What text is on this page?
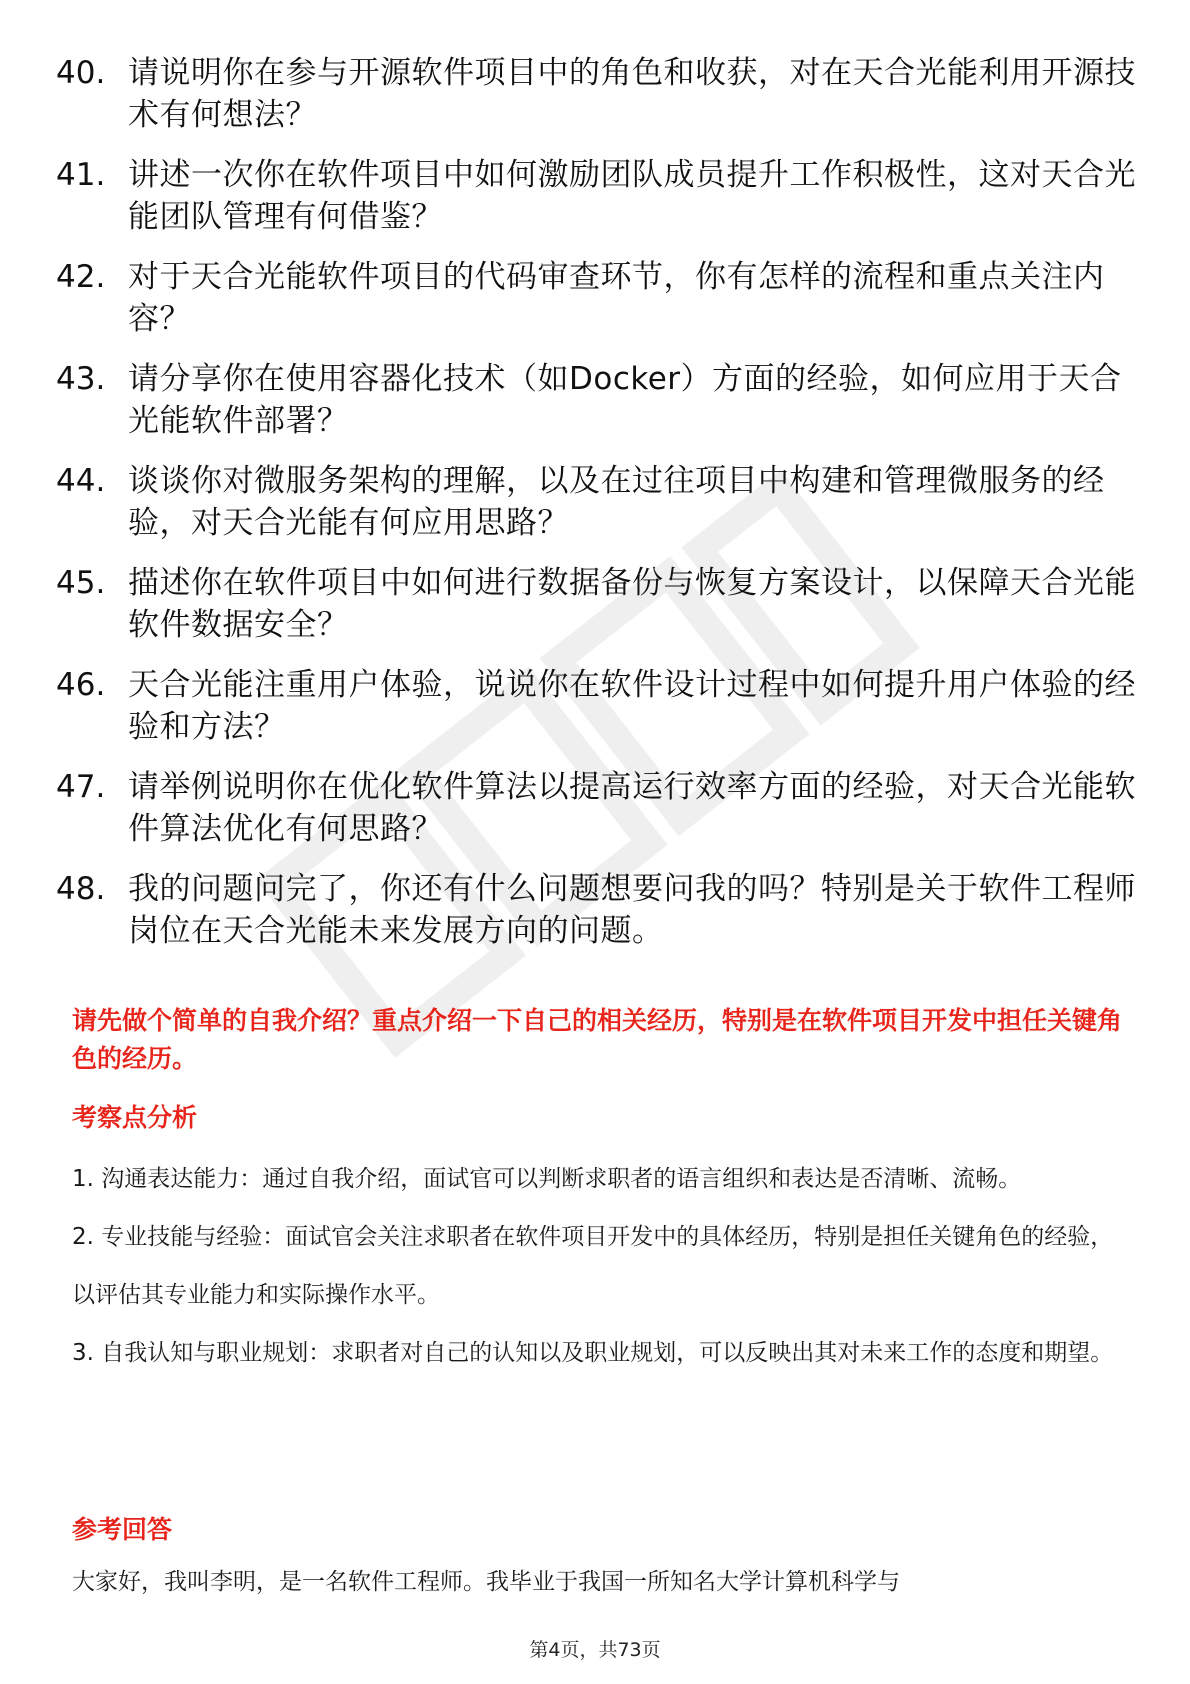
40. 请说明你在参与开源软件项目中的角色和收获，对在天合光能利用开源技术有何想法？
41. 讲述一次你在软件项目中如何激励团队成员提升工作积极性，这对天合光能团队管理有何借鉴？
42. 对于天合光能软件项目的代码审查环节，你有怎样的流程和重点关注内容？
43. 请分享你在使用容器化技术（如Docker）方面的经验，如何应用于天合光能软件部署？
44. 谈谈你对微服务架构的理解，以及在过往项目中构建和管理微服务的经验，对天合光能有何应用思路？
45. 描述你在软件项目中如何进行数据备份与恢复方案设计，以保障天合光能软件数据安全？
46. 天合光能注重用户体验，说说你在软件设计过程中如何提升用户体验的经验和方法？
47. 请举例说明你在优化软件算法以提高运行效率方面的经验，对天合光能软件算法优化有何思路？
48. 我的问题问完了，你还有什么问题想要问我的吗？特别是关于软件工程师岗位在天合光能未来发展方向的问题。
请先做个简单的自我介绍？重点介绍一下自己的相关经历，特别是在软件项目开发中担任关键角色的经历。
考察点分析
1. 沟通表达能力：通过自我介绍，面试官可以判断求职者的语言组织和表达是否清晰、流畅。
2. 专业技能与经验：面试官会关注求职者在软件项目开发中的具体经历，特别是担任关键角色的经验，以评估其专业能力和实际操作水平。
3. 自我认知与职业规划：求职者对自己的认知以及职业规划，可以反映出其对未来工作的态度和期望。
参考回答
大家好，我叫李明，是一名软件工程师。我毕业于我国一所知名大学计算机科学与
第4页，共73页
